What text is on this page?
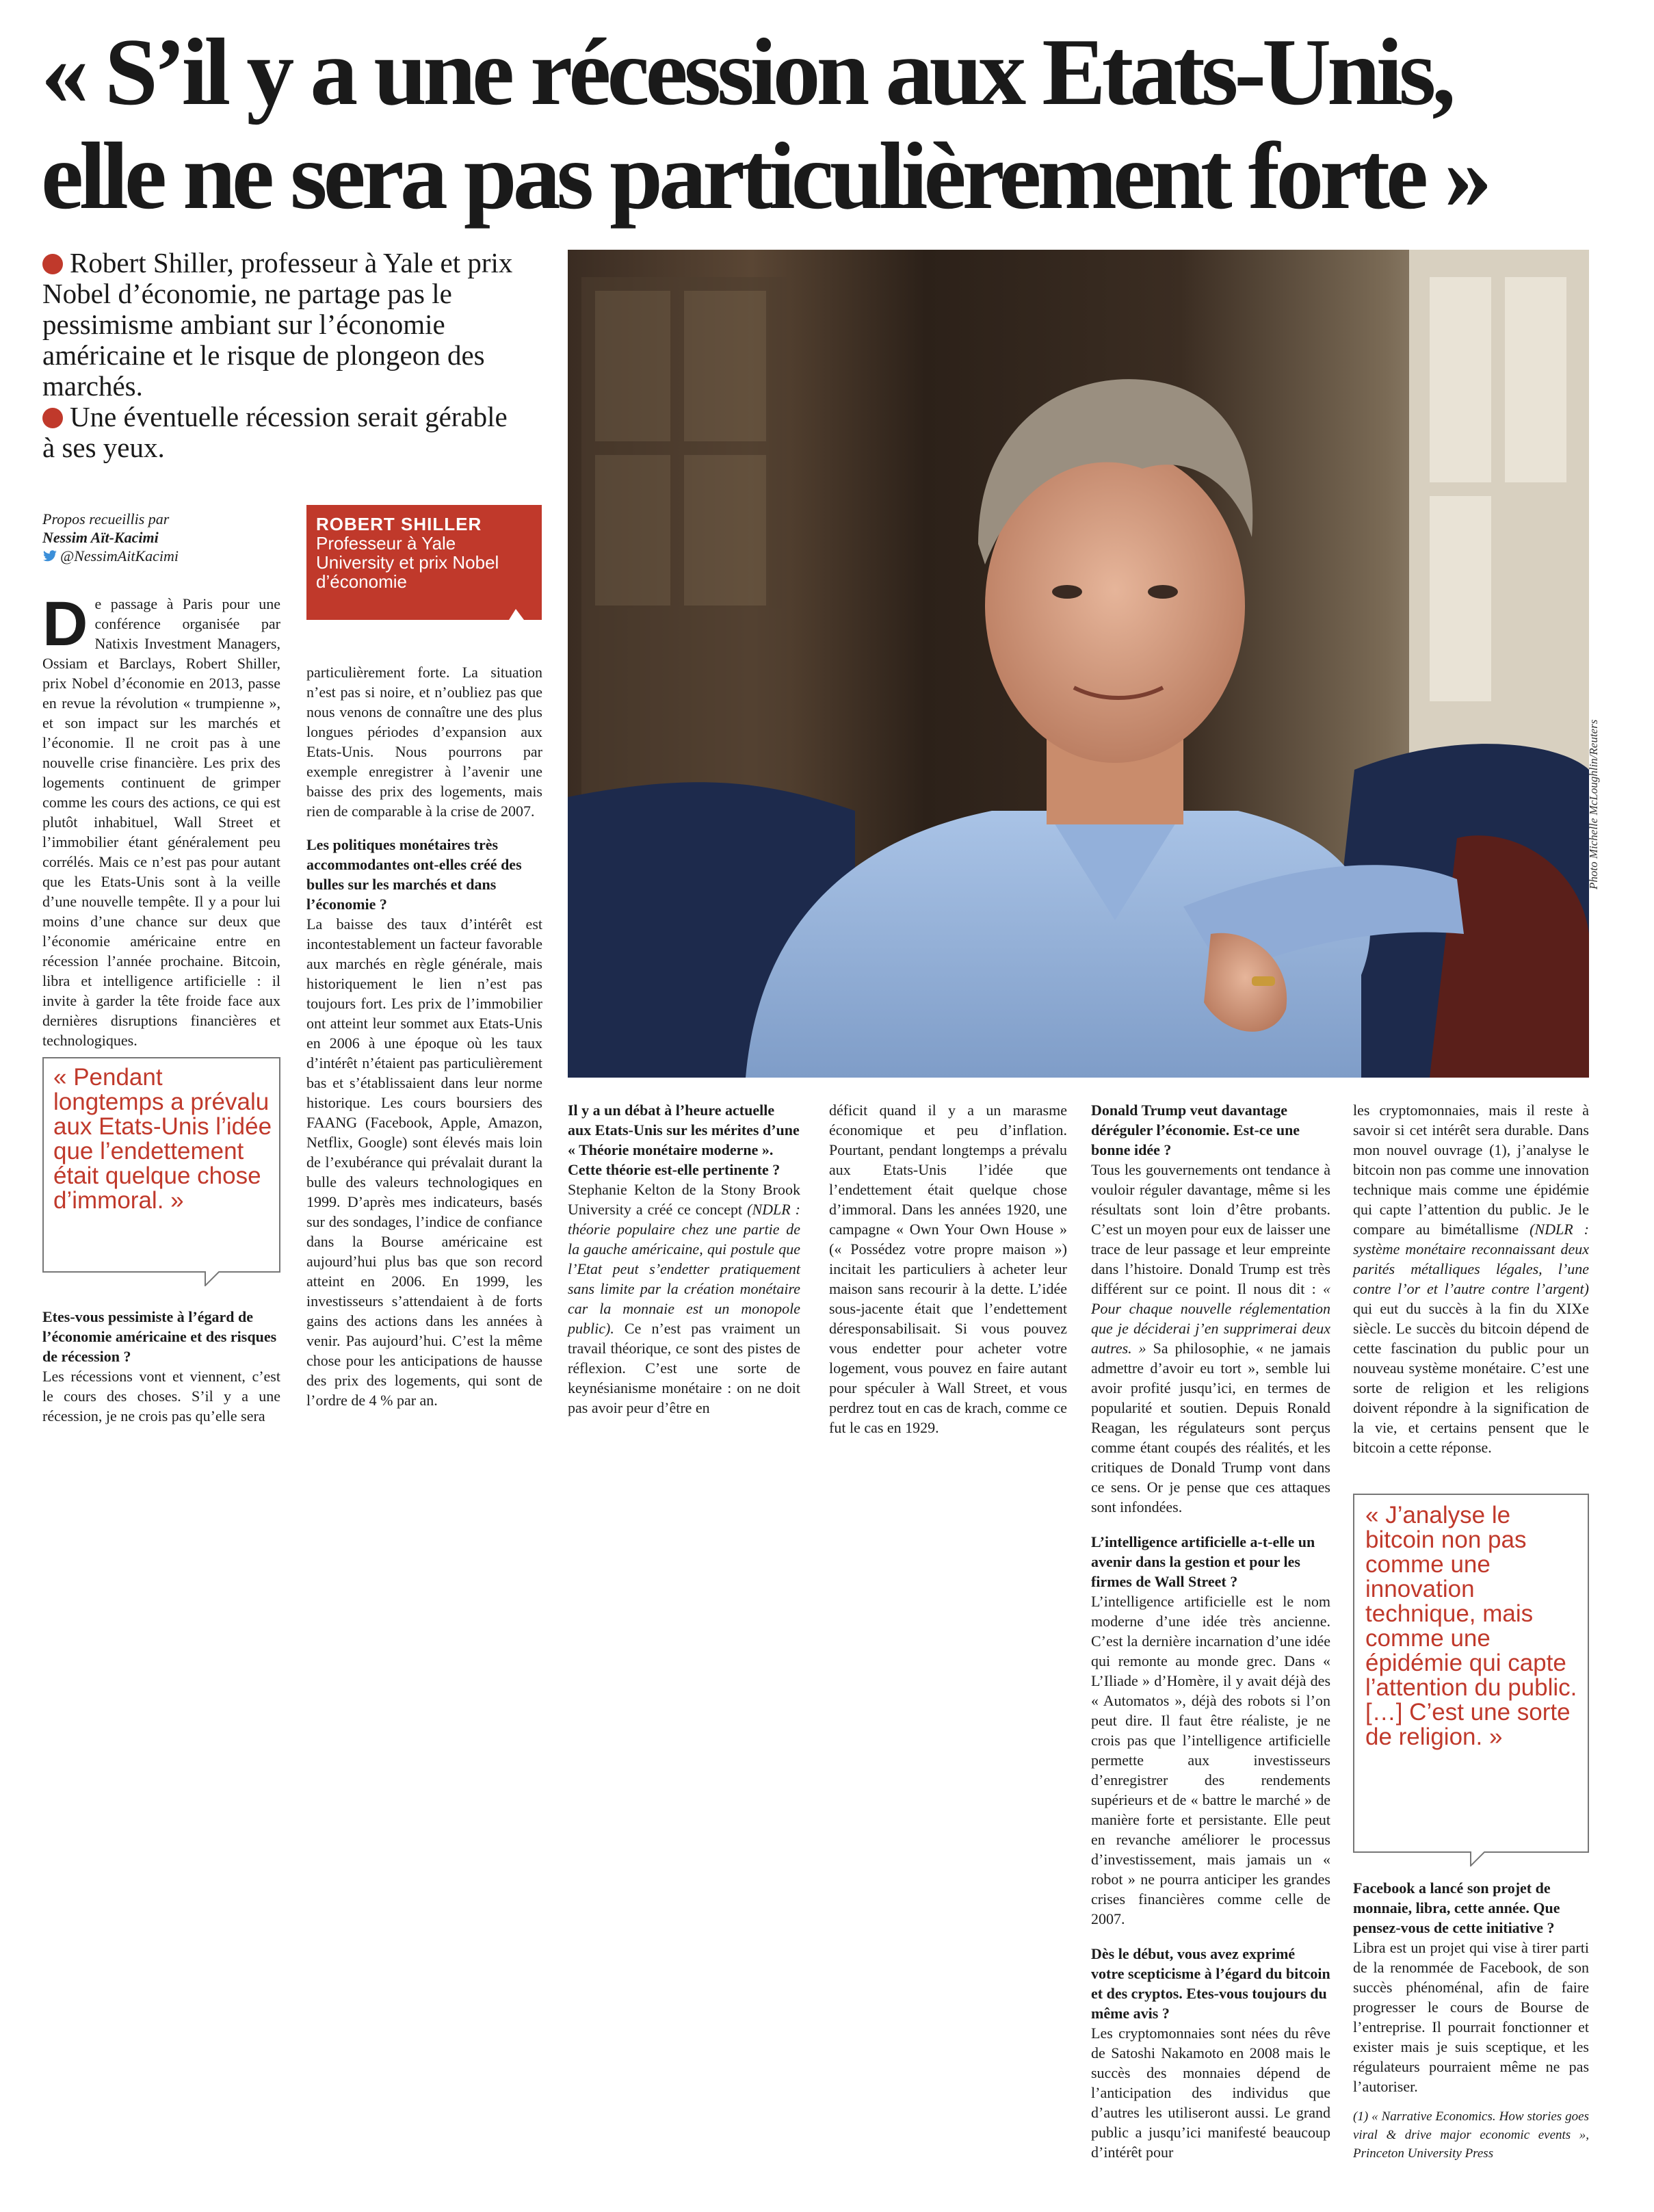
« S’il y a une récession aux Etats-Unis,
elle ne sera pas particulièrement forte »

Robert Shiller, professeur à Yale et prix Nobel d’économie, ne partage pas le pessimisme ambiant sur l’économie américaine et le risque de plongeon des marchés.

Une éventuelle récession serait gérable à ses yeux.

Photo Michelle McLoughlin/Reuters
Propos recueillis par
Nessim Aït-Kacimi
@NessimAitKacimi
ROBERT SHILLER
Professeur à Yale University et prix Nobel d’économie

De passage à Paris pour une conférence organisée par Natixis Investment Managers, Ossiam et Barclays, Robert Shiller, prix Nobel d’économie en 2013, passe en revue la révolution « trumpienne », et son impact sur les marchés et l’économie. Il ne croit pas à une nouvelle crise financière. Les prix des logements continuent de grimper comme les cours des actions, ce qui est plutôt inhabituel, Wall Street et l’immobilier étant généralement peu corrélés. Mais ce n’est pas pour autant que les Etats-Unis sont à la veille d’une nouvelle tempête. Il y a pour lui moins d’une chance sur deux que l’économie américaine entre en récession l’année prochaine. Bitcoin, libra et intelligence artificielle : il invite à garder la tête froide face aux dernières disruptions financières et technologiques.

« Pendant longtemps a prévalu aux Etats-Unis l’idée que l’endettement était quelque chose d’immoral. »

Etes-vous pessimiste à l’égard de l’économie américaine et des risques de récession ?

Les récessions vont et viennent, c’est le cours des choses. S’il y a une récession, je ne crois pas qu’elle sera

particulièrement forte. La situation n’est pas si noire, et n’oubliez pas que nous venons de connaître une des plus longues périodes d’expansion aux Etats-Unis. Nous pourrons par exemple enregistrer à l’avenir une baisse des prix des logements, mais rien de comparable à la crise de 2007.

Les politiques monétaires très accommodantes ont-elles créé des bulles sur les marchés et dans l’économie ?

La baisse des taux d’intérêt est incontestablement un facteur favorable aux marchés en règle générale, mais historiquement le lien n’est pas toujours fort. Les prix de l’immobilier ont atteint leur sommet aux Etats-Unis en 2006 à une époque où les taux d’intérêt n’étaient pas particulièrement bas et s’établissaient dans leur norme historique. Les cours boursiers des FAANG (Facebook, Apple, Amazon, Netflix, Google) sont élevés mais loin de l’exubérance qui prévalait durant la bulle des valeurs technologiques en 1999. D’après mes indicateurs, basés sur des sondages, l’indice de confiance dans la Bourse américaine est aujourd’hui plus bas que son record atteint en 2006. En 1999, les investisseurs s’attendaient à de forts gains des actions dans les années à venir. Pas aujourd’hui. C’est la même chose pour les anticipations de hausse des prix des logements, qui sont de l’ordre de 4 % par an.

Il y a un débat à l’heure actuelle aux Etats-Unis sur les mérites d’une « Théorie monétaire moderne ». Cette théorie est-elle pertinente ?

Stephanie Kelton de la Stony Brook University a créé ce concept (NDLR : théorie populaire chez une partie de la gauche américaine, qui postule que l’Etat peut s’endetter pratiquement sans limite par la création monétaire car la monnaie est un monopole public). Ce n’est pas vraiment un travail théorique, ce sont des pistes de réflexion. C’est une sorte de keynésianisme monétaire : on ne doit pas avoir peur d’être en

déficit quand il y a un marasme économique et peu d’inflation. Pourtant, pendant longtemps a prévalu aux Etats-Unis l’idée que l’endettement était quelque chose d’immoral. Dans les années 1920, une campagne « Own Your Own House » (« Possédez votre propre maison ») incitait les particuliers à acheter leur maison sans recourir à la dette. L’idée sous-jacente était que l’endettement déresponsabilisait. Si vous pouvez vous endetter pour acheter votre logement, vous pouvez en faire autant pour spéculer à Wall Street, et vous perdrez tout en cas de krach, comme ce fut le cas en 1929.

Donald Trump veut davantage déréguler l’économie. Est-ce une bonne idée ?

Tous les gouvernements ont tendance à vouloir réguler davantage, même si les résultats sont loin d’être probants. C’est un moyen pour eux de laisser une trace de leur passage et leur empreinte dans l’histoire. Donald Trump est très différent sur ce point. Il nous dit : « Pour chaque nouvelle réglementation que je déciderai j’en supprimerai deux autres. » Sa philosophie, « ne jamais admettre d’avoir eu tort », semble lui avoir profité jusqu’ici, en termes de popularité et soutien. Depuis Ronald Reagan, les régulateurs sont perçus comme étant coupés des réalités, et les critiques de Donald Trump vont dans ce sens. Or je pense que ces attaques sont infondées.

L’intelligence artificielle a-t-elle un avenir dans la gestion et pour les firmes de Wall Street ?

L’intelligence artificielle est le nom moderne d’une idée très ancienne. C’est la dernière incarnation d’une idée qui remonte au monde grec. Dans « L’Iliade » d’Homère, il y avait déjà des « Automatos », déjà des robots si l’on peut dire. Il faut être réaliste, je ne crois pas que l’intelligence artificielle permette aux investisseurs d’enregistrer des rendements supérieurs et de « battre le marché » de manière forte et persistante. Elle peut en revanche améliorer le processus d’investissement, mais jamais un « robot » ne pourra anticiper les grandes crises financières comme celle de 2007.

Dès le début, vous avez exprimé votre scepticisme à l’égard du bitcoin et des cryptos. Etes-vous toujours du même avis ?

Les cryptomonnaies sont nées du rêve de Satoshi Nakamoto en 2008 mais le succès des monnaies dépend de l’anticipation des individus que d’autres les utiliseront aussi. Le grand public a jusqu’ici manifesté beaucoup d’intérêt pour

les cryptomonnaies, mais il reste à savoir si cet intérêt sera durable. Dans mon nouvel ouvrage (1), j’analyse le bitcoin non pas comme une innovation technique mais comme une épidémie qui capte l’attention du public. Je le compare au bimétallisme (NDLR : système monétaire reconnaissant deux parités métalliques légales, l’une contre l’or et l’autre contre l’argent) qui eut du succès à la fin du XIXe siècle. Le succès du bitcoin dépend de cette fascination du public pour un nouveau système monétaire. C’est une sorte de religion et les religions doivent répondre à la signification de la vie, et certains pensent que le bitcoin a cette réponse.

« J’analyse le bitcoin non pas comme une innovation technique, mais comme une épidémie qui capte l’attention du public. […] C’est une sorte de religion. »

Facebook a lancé son projet de monnaie, libra, cette année. Que pensez-vous de cette initiative ?

Libra est un projet qui vise à tirer parti de la renommée de Facebook, de son succès phénoménal, afin de faire progresser le cours de Bourse de l’entreprise. Il pourrait fonctionner et exister mais je suis sceptique, et les régulateurs pourraient même ne pas l’autoriser.

(1) « Narrative Economics. How stories goes viral & drive major economic events », Princeton University Press
